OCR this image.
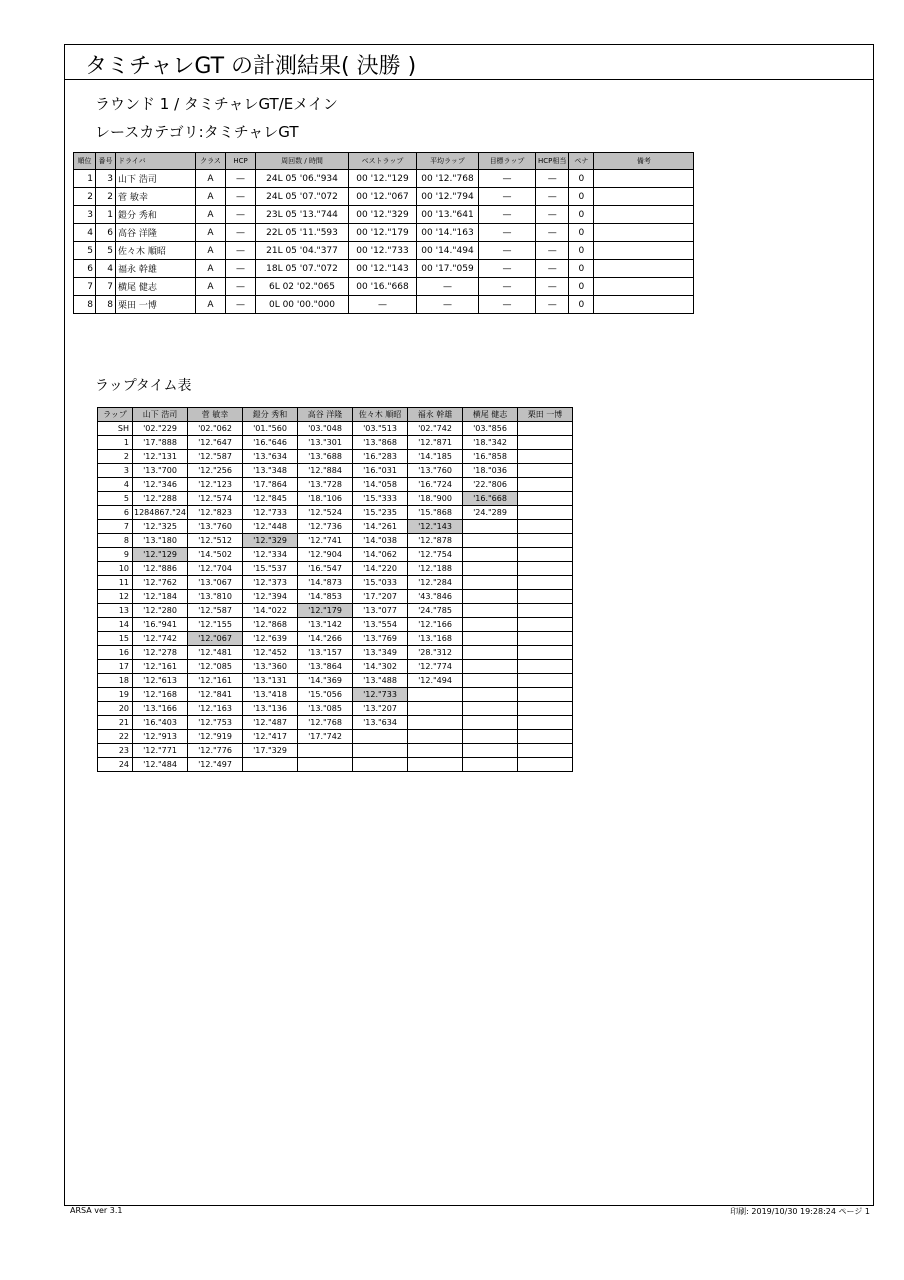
タミチャレGT の計測結果( 決勝 )
ラウンド 1 / タミチャレGT/Eメイン
レースカテゴリ:タミチャレGT
順位	番号	ドライバ	クラス	HCP	周回数 / 時間	ベストラップ	平均ラップ	目標ラップ	HCP相当	ペナ	備考
1	3	山下 浩司	A	—	24L 05 '06."934	00 '12."129	00 '12."768	—	—	0	
2	2	菅 敏幸	A	—	24L 05 '07."072	00 '12."067	00 '12."794	—	—	0	
3	1	鎧分 秀和	A	—	23L 05 '13."744	00 '12."329	00 '13."641	—	—	0	
4	6	高谷 洋隆	A	—	22L 05 '11."593	00 '12."179	00 '14."163	—	—	0	
5	5	佐々木 順昭	A	—	21L 05 '04."377	00 '12."733	00 '14."494	—	—	0	
6	4	福永 幹雄	A	—	18L 05 '07."072	00 '12."143	00 '17."059	—	—	0	
7	7	横尾 健志	A	—	6L 02 '02."065	00 '16."668	—	—	—	0	
8	8	栗田 一博	A	—	0L 00 '00."000	—	—	—	—	0	
ラップタイム表
ラップ	山下 浩司	菅 敏幸	鎧分 秀和	高谷 洋隆	佐々木 順昭	福永 幹雄	横尾 健志	栗田 一博
SH	'02."229	'02."062	'01."560	'03."048	'03."513	'02."742	'03."856	
1	'17."888	'12."647	'16."646	'13."301	'13."868	'12."871	'18."342	
2	'12."131	'12."587	'13."634	'13."688	'16."283	'14."185	'16."858	
3	'13."700	'12."256	'13."348	'12."884	'16."031	'13."760	'18."036	
4	'12."346	'12."123	'17."864	'13."728	'14."058	'16."724	'22."806	
5	'12."288	'12."574	'12."845	'18."106	'15."333	'18."900	'16."668	
6	1284867."24	'12."823	'12."733	'12."524	'15."235	'15."868	'24."289	
7	'12."325	'13."760	'12."448	'12."736	'14."261	'12."143		
8	'13."180	'12."512	'12."329	'12."741	'14."038	'12."878		
9	'12."129	'14."502	'12."334	'12."904	'14."062	'12."754		
10	'12."886	'12."704	'15."537	'16."547	'14."220	'12."188		
11	'12."762	'13."067	'12."373	'14."873	'15."033	'12."284		
12	'12."184	'13."810	'12."394	'14."853	'17."207	'43."846		
13	'12."280	'12."587	'14."022	'12."179	'13."077	'24."785		
14	'16."941	'12."155	'12."868	'13."142	'13."554	'12."166		
15	'12."742	'12."067	'12."639	'14."266	'13."769	'13."168		
16	'12."278	'12."481	'12."452	'13."157	'13."349	'28."312		
17	'12."161	'12."085	'13."360	'13."864	'14."302	'12."774		
18	'12."613	'12."161	'13."131	'14."369	'13."488	'12."494		
19	'12."168	'12."841	'13."418	'15."056	'12."733			
20	'13."166	'12."163	'13."136	'13."085	'13."207			
21	'16."403	'12."753	'12."487	'12."768	'13."634			
22	'12."913	'12."919	'12."417	'17."742				
23	'12."771	'12."776	'17."329					
24	'12."484	'12."497						
ARSA ver 3.1	印刷: 2019/10/30 19:28:24 ページ 1
